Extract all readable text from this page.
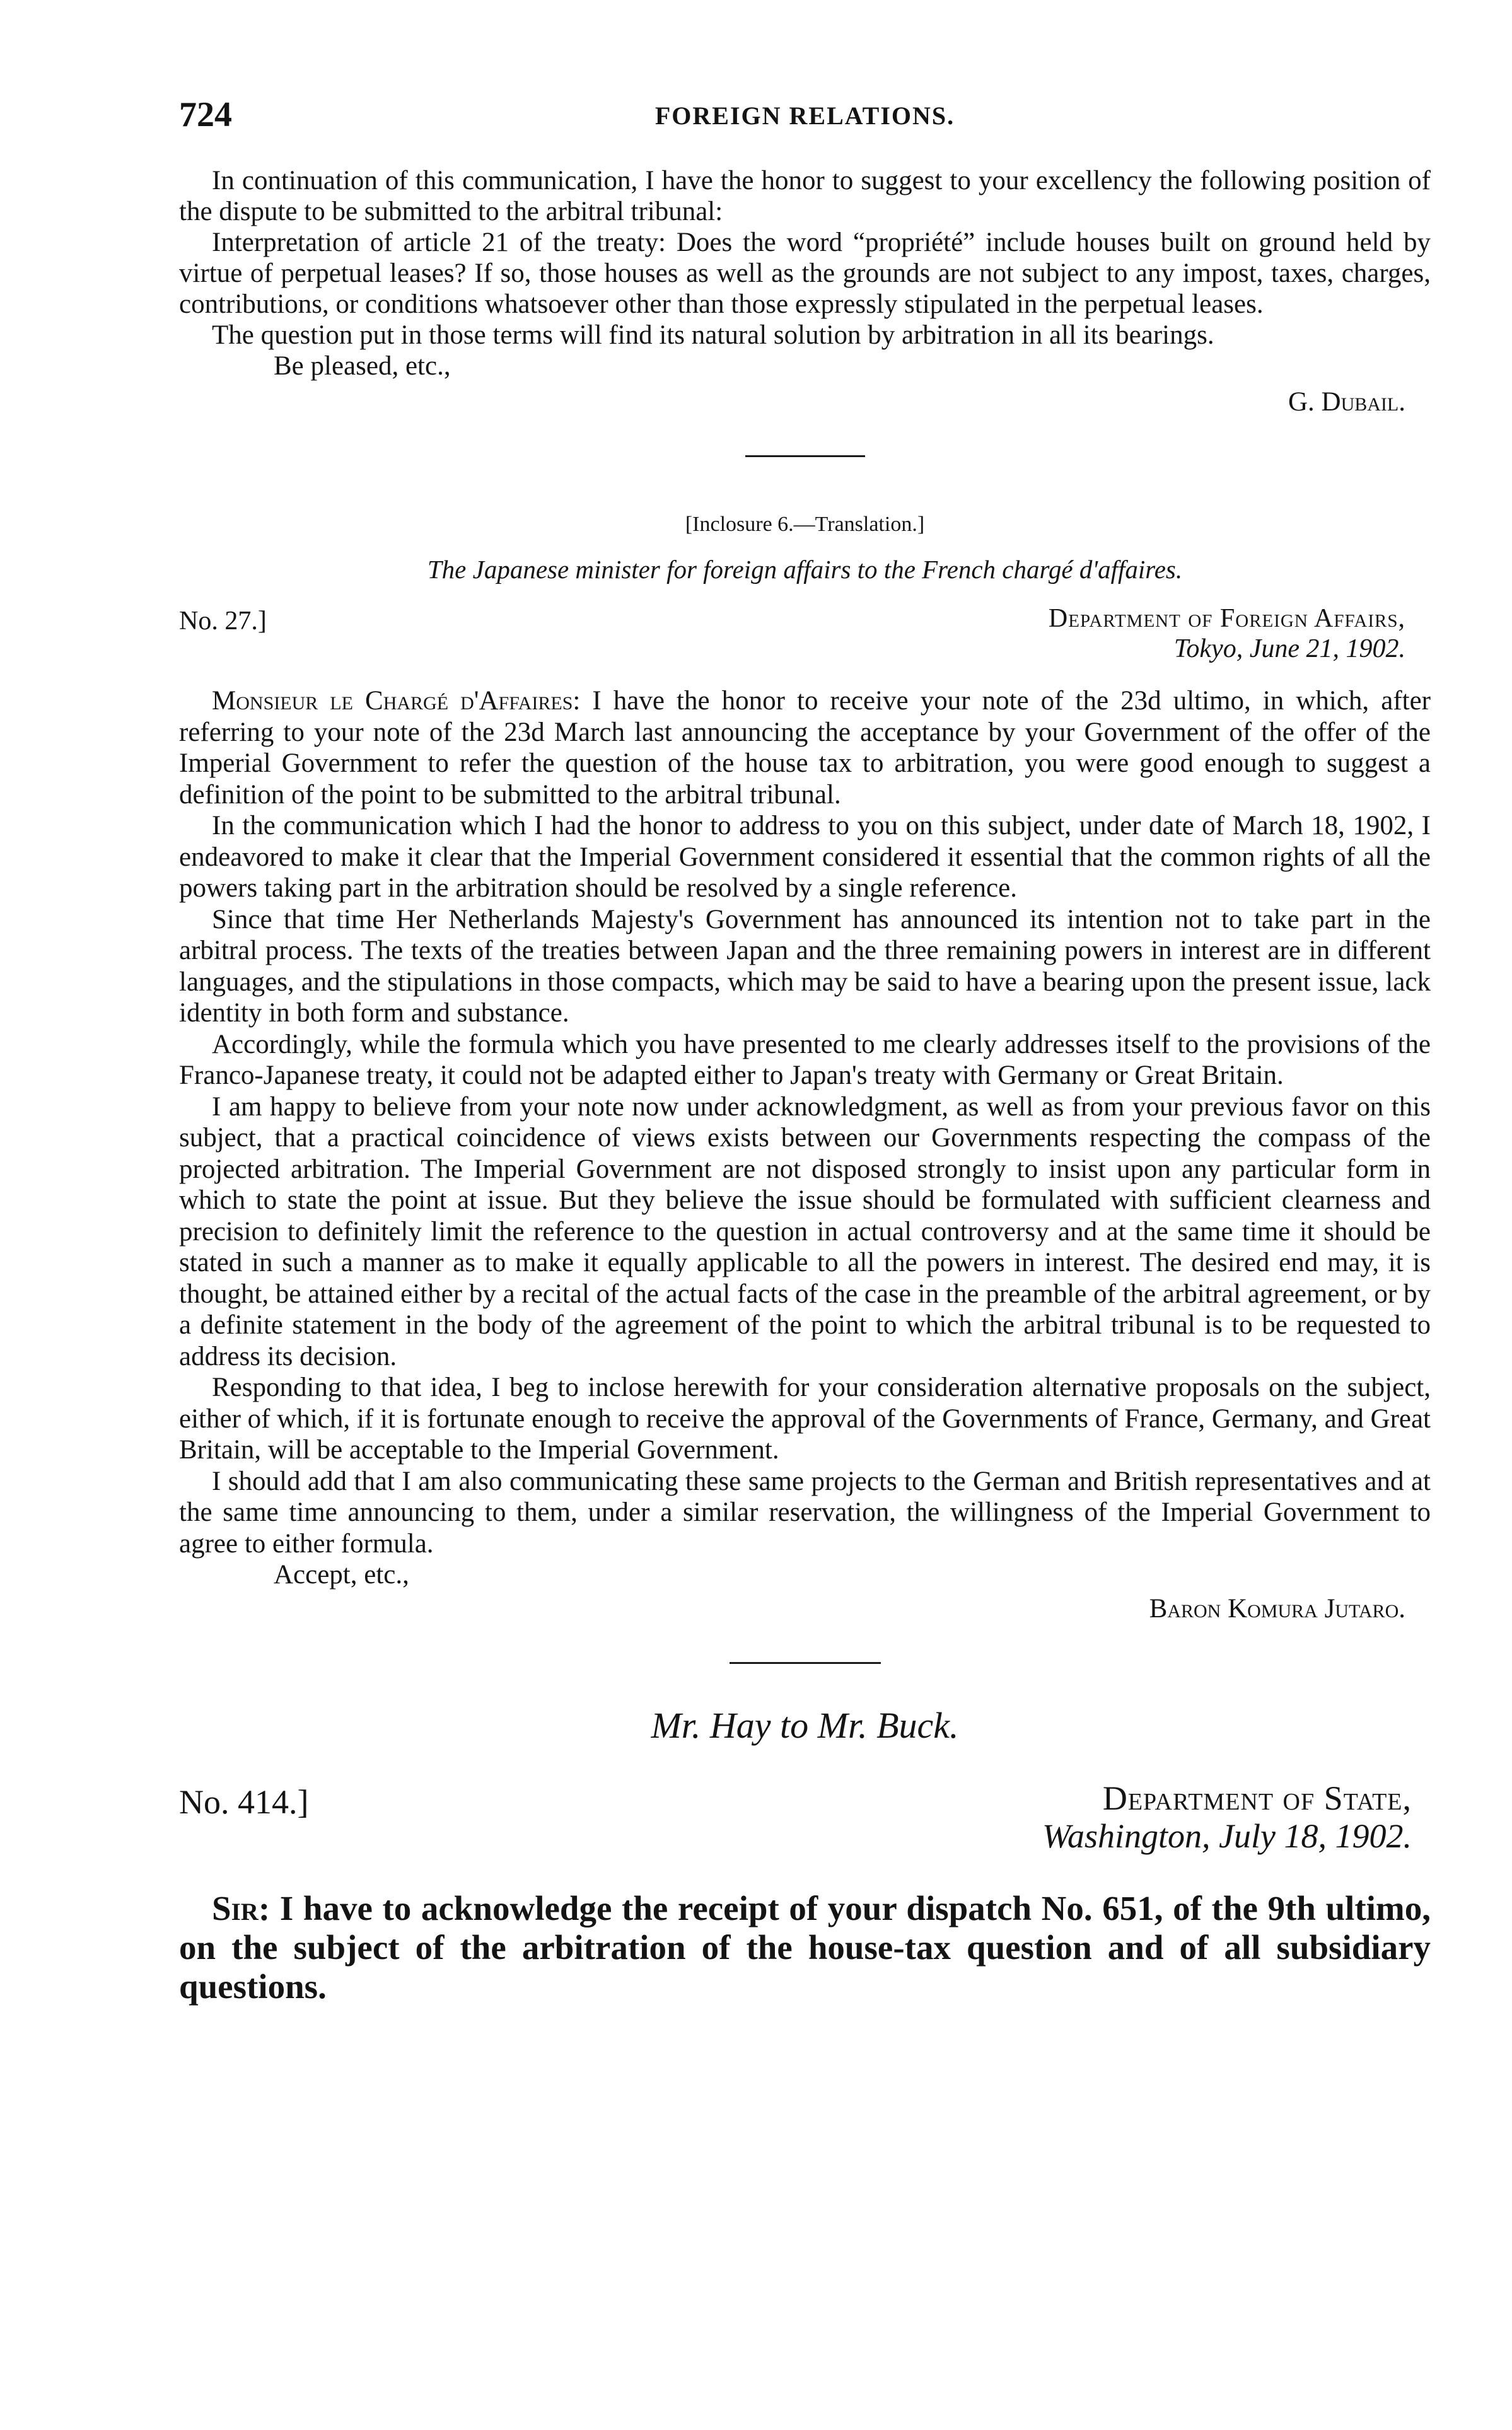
724	FOREIGN RELATIONS.

In continuation of this communication, I have the honor to suggest to your excellency the following position of the dispute to be submitted to the arbitral tribunal:

Interpretation of article 21 of the treaty: Does the word “propriété” include houses built on ground held by virtue of perpetual leases? If so, those houses as well as the grounds are not subject to any impost, taxes, charges, contributions, or conditions whatsoever other than those expressly stipulated in the perpetual leases.

The question put in those terms will find its natural solution by arbitration in all its bearings.

Be pleased, etc.,

G. Dubail.
[Inclosure 6.—Translation.]
The Japanese minister for foreign affairs to the French chargé d'affaires.
No. 27.]	Department of Foreign Affairs,
Tokyo, June 21, 1902.

Monsieur le Chargé d'Affaires: I have the honor to receive your note of the 23d ultimo, in which, after referring to your note of the 23d March last announcing the acceptance by your Government of the offer of the Imperial Government to refer the question of the house tax to arbitration, you were good enough to suggest a definition of the point to be submitted to the arbitral tribunal.

In the communication which I had the honor to address to you on this subject, under date of March 18, 1902, I endeavored to make it clear that the Imperial Government considered it essential that the common rights of all the powers taking part in the arbitration should be resolved by a single reference.

Since that time Her Netherlands Majesty's Government has announced its intention not to take part in the arbitral process. The texts of the treaties between Japan and the three remaining powers in interest are in different languages, and the stipulations in those compacts, which may be said to have a bearing upon the present issue, lack identity in both form and substance.

Accordingly, while the formula which you have presented to me clearly addresses itself to the provisions of the Franco-Japanese treaty, it could not be adapted either to Japan's treaty with Germany or Great Britain.

I am happy to believe from your note now under acknowledgment, as well as from your previous favor on this subject, that a practical coincidence of views exists between our Governments respecting the compass of the projected arbitration. The Imperial Government are not disposed strongly to insist upon any particular form in which to state the point at issue. But they believe the issue should be formulated with sufficient clearness and precision to definitely limit the reference to the question in actual controversy and at the same time it should be stated in such a manner as to make it equally applicable to all the powers in interest. The desired end may, it is thought, be attained either by a recital of the actual facts of the case in the preamble of the arbitral agreement, or by a definite statement in the body of the agreement of the point to which the arbitral tribunal is to be requested to address its decision.

Responding to that idea, I beg to inclose herewith for your consideration alternative proposals on the subject, either of which, if it is fortunate enough to receive the approval of the Governments of France, Germany, and Great Britain, will be acceptable to the Imperial Government.

I should add that I am also communicating these same projects to the German and British representatives and at the same time announcing to them, under a similar reservation, the willingness of the Imperial Government to agree to either formula.

Accept, etc.,

Baron Komura Jutaro.
Mr. Hay to Mr. Buck.
No. 414.]	Department of State,
Washington, July 18, 1902.

Sir: I have to acknowledge the receipt of your dispatch No. 651, of the 9th ultimo, on the subject of the arbitration of the house-tax question and of all subsidiary questions.
